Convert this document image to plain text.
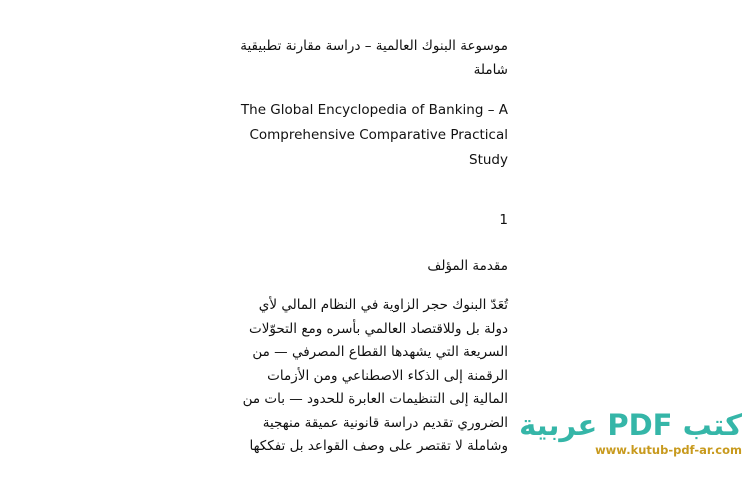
موسوعة البنوك العالمية – دراسة مقارنة تطبيقية شاملة
The Global Encyclopedia of Banking – A Comprehensive Comparative Practical Study
1
مقدمة المؤلف
تُعَدّ البنوك حجر الزاوية في النظام المالي لأي
دولة بل وللاقتصاد العالمي بأسره ومع التحوّلات
السريعة التي يشهدها القطاع المصرفي — من
الرقمنة إلى الذكاء الاصطناعي ومن الأزمات
المالية إلى التنظيمات العابرة للحدود — بات من
الضروري تقديم دراسة قانونية عميقة منهجية
وشاملة لا تقتصر على وصف القواعد بل تفككها
كتب PDF عربية
www.kutub-pdf-ar.com
